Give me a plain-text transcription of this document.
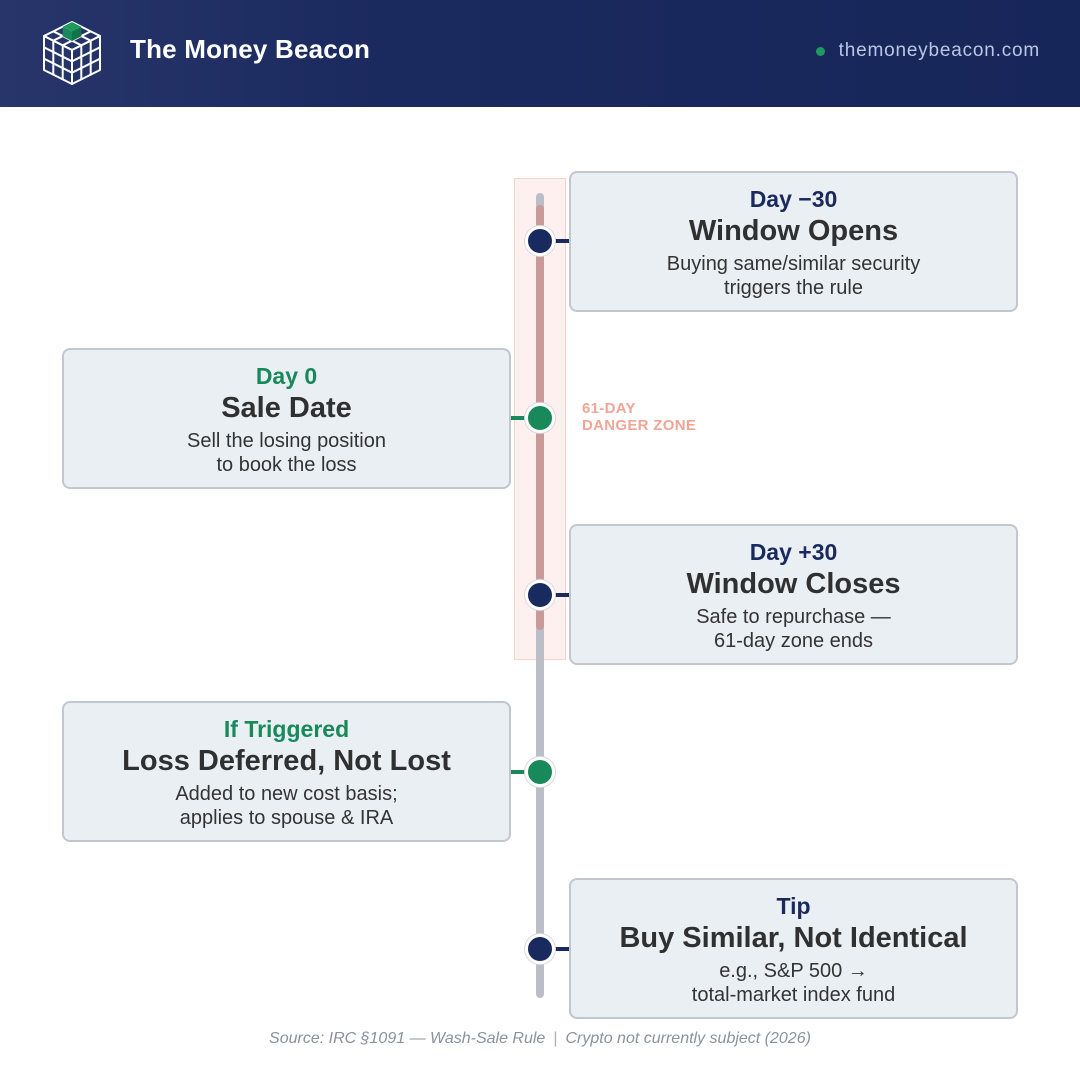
The Money Beacon	themoneybeacon.com
61-DAY
DANGER ZONE
Day −30
Window Opens
Buying same/similar security
triggers the rule
Day 0
Sale Date
Sell the losing position
to book the loss
Day +30
Window Closes
Safe to repurchase —
61-day zone ends
If Triggered
Loss Deferred, Not Lost
Added to new cost basis;
applies to spouse & IRA
Tip
Buy Similar, Not Identical
e.g., S&P 500 →
total-market index fund
Source: IRC §1091 — Wash-Sale Rule | Crypto not currently subject (2026)
